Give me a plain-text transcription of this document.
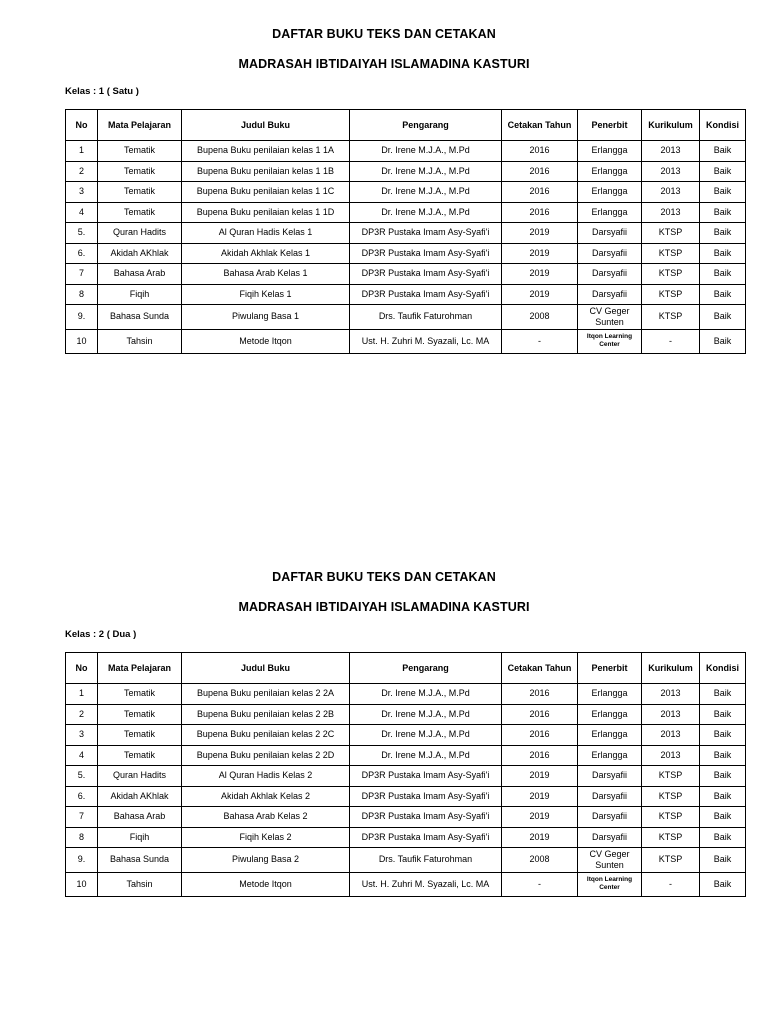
DAFTAR BUKU TEKS DAN CETAKAN
MADRASAH IBTIDAIYAH ISLAMADINA KASTURI
Kelas : 1 ( Satu )
No	Mata Pelajaran	Judul Buku	Pengarang	Cetakan Tahun	Penerbit	Kurikulum	Kondisi
1	Tematik	Bupena Buku penilaian kelas 1 1A	Dr. Irene M.J.A., M.Pd	2016	Erlangga	2013	Baik
2	Tematik	Bupena Buku penilaian kelas 1 1B	Dr. Irene M.J.A., M.Pd	2016	Erlangga	2013	Baik
3	Tematik	Bupena Buku penilaian kelas 1 1C	Dr. Irene M.J.A., M.Pd	2016	Erlangga	2013	Baik
4	Tematik	Bupena Buku penilaian kelas 1 1D	Dr. Irene M.J.A., M.Pd	2016	Erlangga	2013	Baik
5.	Quran Hadits	Al Quran Hadis Kelas 1	DP3R Pustaka Imam Asy-Syafi'i	2019	Darsyafii	KTSP	Baik
6.	Akidah AKhlak	Akidah Akhlak Kelas 1	DP3R Pustaka Imam Asy-Syafi'i	2019	Darsyafii	KTSP	Baik
7	Bahasa Arab	Bahasa Arab Kelas 1	DP3R Pustaka Imam Asy-Syafi'i	2019	Darsyafii	KTSP	Baik
8	Fiqih	Fiqih Kelas 1	DP3R Pustaka Imam Asy-Syafi'i	2019	Darsyafii	KTSP	Baik
9.	Bahasa Sunda	Piwulang Basa 1	Drs. Taufik Faturohman	2008	CV Geger Sunten	KTSP	Baik
10	Tahsin	Metode Itqon	Ust. H. Zuhri M. Syazali, Lc. MA	-	Itqon Learning Center	-	Baik
DAFTAR BUKU TEKS DAN CETAKAN
MADRASAH IBTIDAIYAH ISLAMADINA KASTURI
Kelas : 2 ( Dua )
No	Mata Pelajaran	Judul Buku	Pengarang	Cetakan Tahun	Penerbit	Kurikulum	Kondisi
1	Tematik	Bupena Buku penilaian kelas 2 2A	Dr. Irene M.J.A., M.Pd	2016	Erlangga	2013	Baik
2	Tematik	Bupena Buku penilaian kelas 2 2B	Dr. Irene M.J.A., M.Pd	2016	Erlangga	2013	Baik
3	Tematik	Bupena Buku penilaian kelas 2 2C	Dr. Irene M.J.A., M.Pd	2016	Erlangga	2013	Baik
4	Tematik	Bupena Buku penilaian kelas 2 2D	Dr. Irene M.J.A., M.Pd	2016	Erlangga	2013	Baik
5.	Quran Hadits	Al Quran Hadis Kelas 2	DP3R Pustaka Imam Asy-Syafi'i	2019	Darsyafii	KTSP	Baik
6.	Akidah AKhlak	Akidah Akhlak Kelas 2	DP3R Pustaka Imam Asy-Syafi'i	2019	Darsyafii	KTSP	Baik
7	Bahasa Arab	Bahasa Arab Kelas 2	DP3R Pustaka Imam Asy-Syafi'i	2019	Darsyafii	KTSP	Baik
8	Fiqih	Fiqih Kelas 2	DP3R Pustaka Imam Asy-Syafi'i	2019	Darsyafii	KTSP	Baik
9.	Bahasa Sunda	Piwulang Basa 2	Drs. Taufik Faturohman	2008	CV Geger Sunten	KTSP	Baik
10	Tahsin	Metode Itqon	Ust. H. Zuhri M. Syazali, Lc. MA	-	Itqon Learning Center	-	Baik
